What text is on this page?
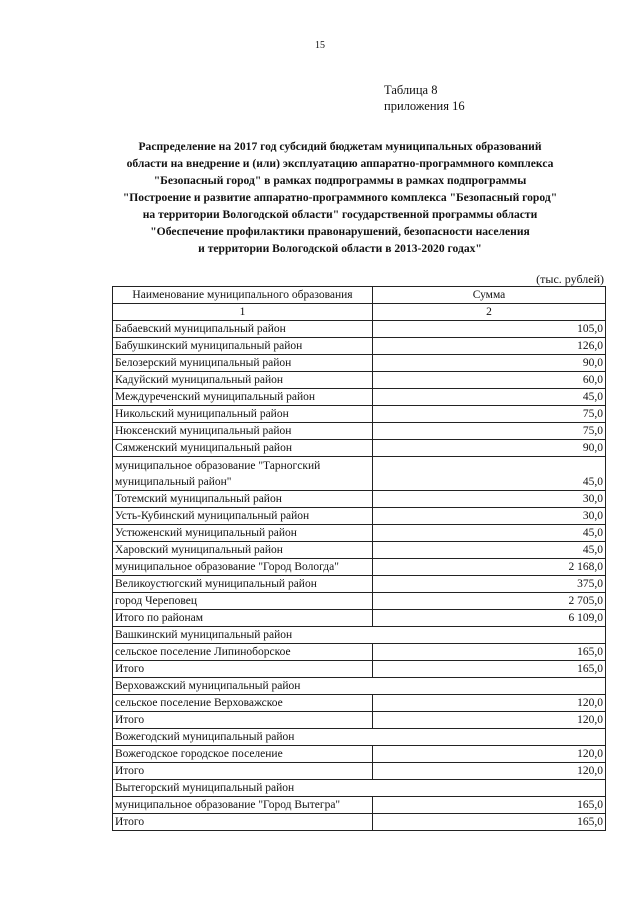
15
Таблица 8
приложения 16
Распределение на 2017 год субсидий бюджетам муниципальных образований
области на внедрение и (или) эксплуатацию аппаратно-программного комплекса
"Безопасный город" в рамках подпрограммы в рамках подпрограммы
"Построение и развитие аппаратно-программного комплекса "Безопасный город"
на территории Вологодской области" государственной программы области
"Обеспечение профилактики правонарушений, безопасности населения
и территории Вологодской области в 2013-2020 годах"
(тыс. рублей)
Наименование муниципального образования	Сумма
1	2
Бабаевский муниципальный район	105,0
Бабушкинский муниципальный район	126,0
Белозерский муниципальный район	90,0
Кадуйский муниципальный район	60,0
Междуреченский муниципальный район	45,0
Никольский муниципальный район	75,0
Нюксенский муниципальный район	75,0
Сямженский муниципальный район	90,0
муниципальное образование "Тарногский муниципальный район"	45,0
Тотемский муниципальный район	30,0
Усть-Кубинский муниципальный район	30,0
Устюженский муниципальный район	45,0
Харовский муниципальный район	45,0
муниципальное образование "Город Вологда"	2 168,0
Великоустюгский муниципальный район	375,0
город Череповец	2 705,0
Итого по районам	6 109,0
Вашкинский муниципальный район	
сельское поселение Липиноборское	165,0
Итого	165,0
Верховажский муниципальный район	
сельское поселение Верховажское	120,0
Итого	120,0
Вожегодский муниципальный район	
Вожегодское городское поселение	120,0
Итого	120,0
Вытегорский муниципальный район	
муниципальное образование "Город Вытегра"	165,0
Итого	165,0
